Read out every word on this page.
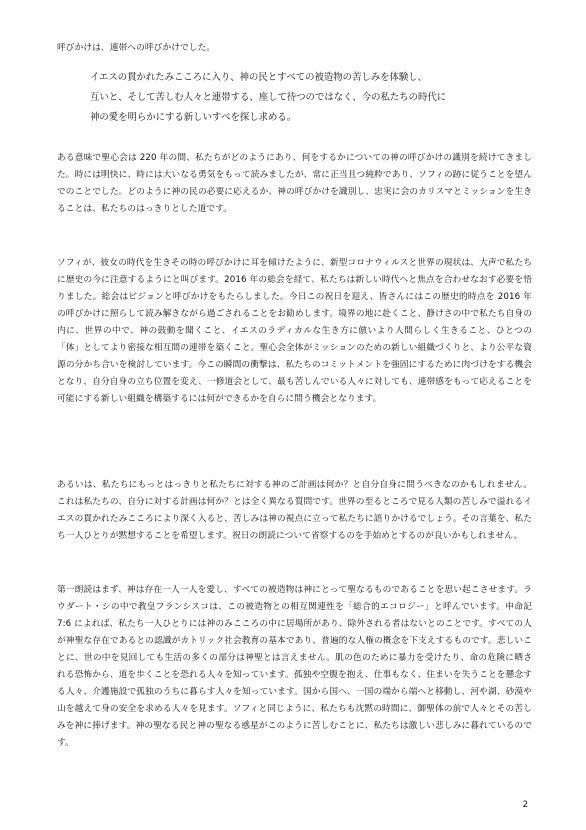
呼びかけは、連帯への呼びかけでした。

イエスの貫かれたみこころに入り、神の民とすべての被造物の苦しみを体験し、
互いと、そして苦しむ人々と連帯する、座して待つのではなく、今の私たちの時代に
神の愛を明らかにする新しいすべを探し求める。

ある意味で聖心会は 220 年の間、私たちがどのようにあり、何をするかについての神の呼びかけの識別を続けてきました。時には明快に、時には大いなる勇気をもって読みましたが、常に正当且つ純粋であり、ソフィの跡に従うことを望んでのことでした。どのように神の民の必要に応えるか、神の呼びかけを識別し、忠実に会のカリスマとミッションを生きることは、私たちのはっきりとした道です。

ソフィが、彼女の時代を生きその時の呼びかけに耳を傾けたように、新型コロナウィルスと世界の現状は、大声で私たちに歴史の今に注意するようにと叫びます。2016 年の総会を経て、私たちは新しい時代へと焦点を合わせなおす必要を悟りました。総会はビジョンと呼びかけをもたらしました。今日この祝日を迎え、皆さんにはこの歴史的時点を 2016 年の呼びかけに照らして読み解きながら過ごされることをお勧めします。境界の地に赴くこと、静けさの中で私たち自身の内に、世界の中で、神の鼓動を聞くこと、イエスのラディカルな生き方に倣いより人間らしく生きること、ひとつの「体」としてより密接な相互間の連帯を築くこと。聖心会全体がミッションのための新しい組織づくりと、より公平な資源の分かち合いを検討しています。今この瞬間の衝撃は、私たちのコミットメントを強固にするために肉づけをする機会となり、自分自身の立ち位置を変え、一修道会として、最も苦しんでいる人々に対しても、連帯感をもって応えることを可能にする新しい組織を構築するには何ができるかを自らに問う機会となります。

あるいは、私たちにもっとはっきりと私たちに対する神のご計画は何か？と自分自身に問うべきなのかもしれません。これは私たちの、自分に対する計画は何か？とは全く異なる質問です。世界の至るところで見る人類の苦しみで溢れるイエスの貫かれたみこころにより深く入ると、苦しみは神の視点に立って私たちに語りかけるでしょう。その言葉を、私たち一人ひとりが黙想することを希望します。祝日の朗読について省察するのを手始めとするのが良いかもしれません。

第一朗読はまず、神は存在一人一人を愛し、すべての被造物は神にとって聖なるものであることを思い起こさせます。ラウダート・シの中で教皇フランシスコは、この被造物との相互関連性を「総合的エコロジー」と呼んでいます。申命記 7:6 によれば、私たち一人ひとりには神のみこころの中に居場所があり、除外される者はないとのことです。すべての人が神聖な存在であるとの認識がカトリック社会教育の基本であり、普遍的な人権の概念を下支えするものです。悲しいことに、世の中を見回しても生活の多くの部分は神聖とは言えません。肌の色のために暴力を受けたり、命の危険に晒される恐怖から、道を歩くことを恐れる人々を知っています。孤独や空腹を抱え、仕事もなく、住まいを失うことを懸念する人々、介護施設で孤独のうちに暮らす人々を知っています。国から国へ、一国の端から端へと移動し、河や湖、砂漠や山を越えて身の安全を求める人々を見ます。ソフィと同じように、私たちも沈黙の時間に、御聖体の前で人々とその苦しみを神に捧げます。神の聖なる民と神の聖なる惑星がこのように苦しむことに、私たちは激しい悲しみに暮れているのです。

2
